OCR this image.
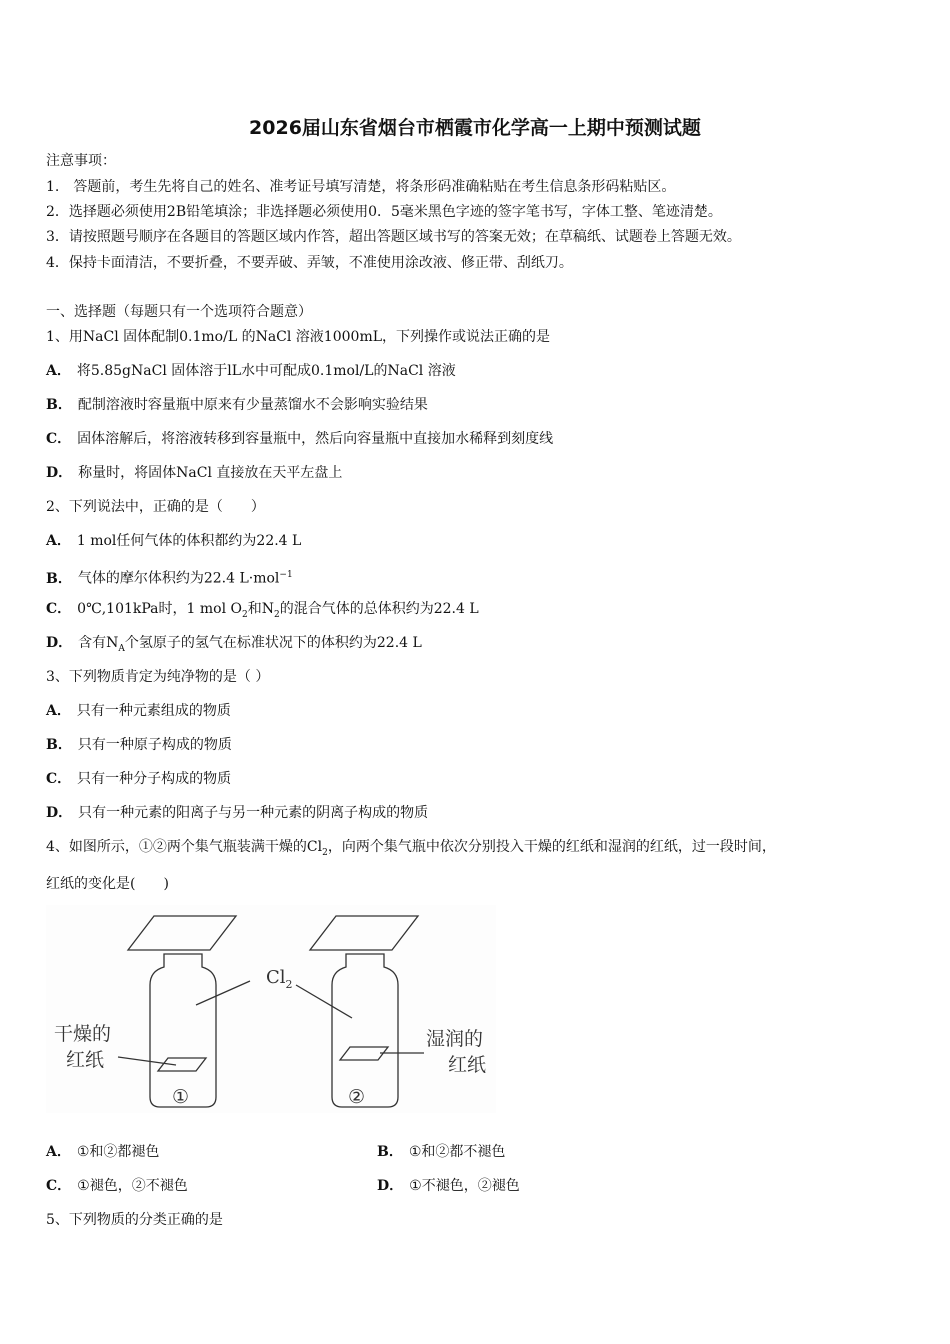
2026届山东省烟台市栖霞市化学高一上期中预测试题
注意事项：
1.　答题前，考生先将自己的姓名、准考证号填写清楚，将条形码准确粘贴在考生信息条形码粘贴区。
2．选择题必须使用2B铅笔填涂；非选择题必须使用0．5毫米黑色字迹的签字笔书写，字体工整、笔迹清楚。
3．请按照题号顺序在各题目的答题区域内作答，超出答题区域书写的答案无效；在草稿纸、试题卷上答题无效。
4．保持卡面清洁，不要折叠，不要弄破、弄皱，不准使用涂改液、修正带、刮纸刀。
一、选择题（每题只有一个选项符合题意）
1、用NaCl 固体配制0.1mo/L 的NaCl 溶液1000mL，下列操作或说法正确的是
A． 将5.85gNaCl 固体溶于lL水中可配成0.1mol/L的NaCl 溶液
B． 配制溶液时容量瓶中原来有少量蒸馏水不会影响实验结果
C． 固体溶解后，将溶液转移到容量瓶中，然后向容量瓶中直接加水稀释到刻度线
D． 称量时，将固体NaCl 直接放在天平左盘上
2、下列说法中，正确的是（　　）
A． 1 mol任何气体的体积都约为22.4 L
B． 气体的摩尔体积约为22.4 L·mol$^{-1}$
C． 0℃,101kPa时，1 mol $O_2$和$N_2$的混合气体的总体积约为22.4 L
D． 含有$N_A$个氢原子的氢气在标准状况下的体积约为22.4 L
3、下列物质肯定为纯净物的是（ ）
A． 只有一种元素组成的物质
B． 只有一种原子构成的物质
C． 只有一种分子构成的物质
D． 只有一种元素的阳离子与另一种元素的阴离子构成的物质
4、如图所示，①②两个集气瓶装满干燥的$Cl_2$，向两个集气瓶中依次分别投入干燥的红纸和湿润的红纸，过一段时间，
红纸的变化是(　　)
$Cl_2$
干燥的
红纸
湿润的
红纸
①	②
A． ①和②都褪色	B． ①和②都不褪色
C． ①褪色，②不褪色	D． ①不褪色，②褪色
5、下列物质的分类正确的是
